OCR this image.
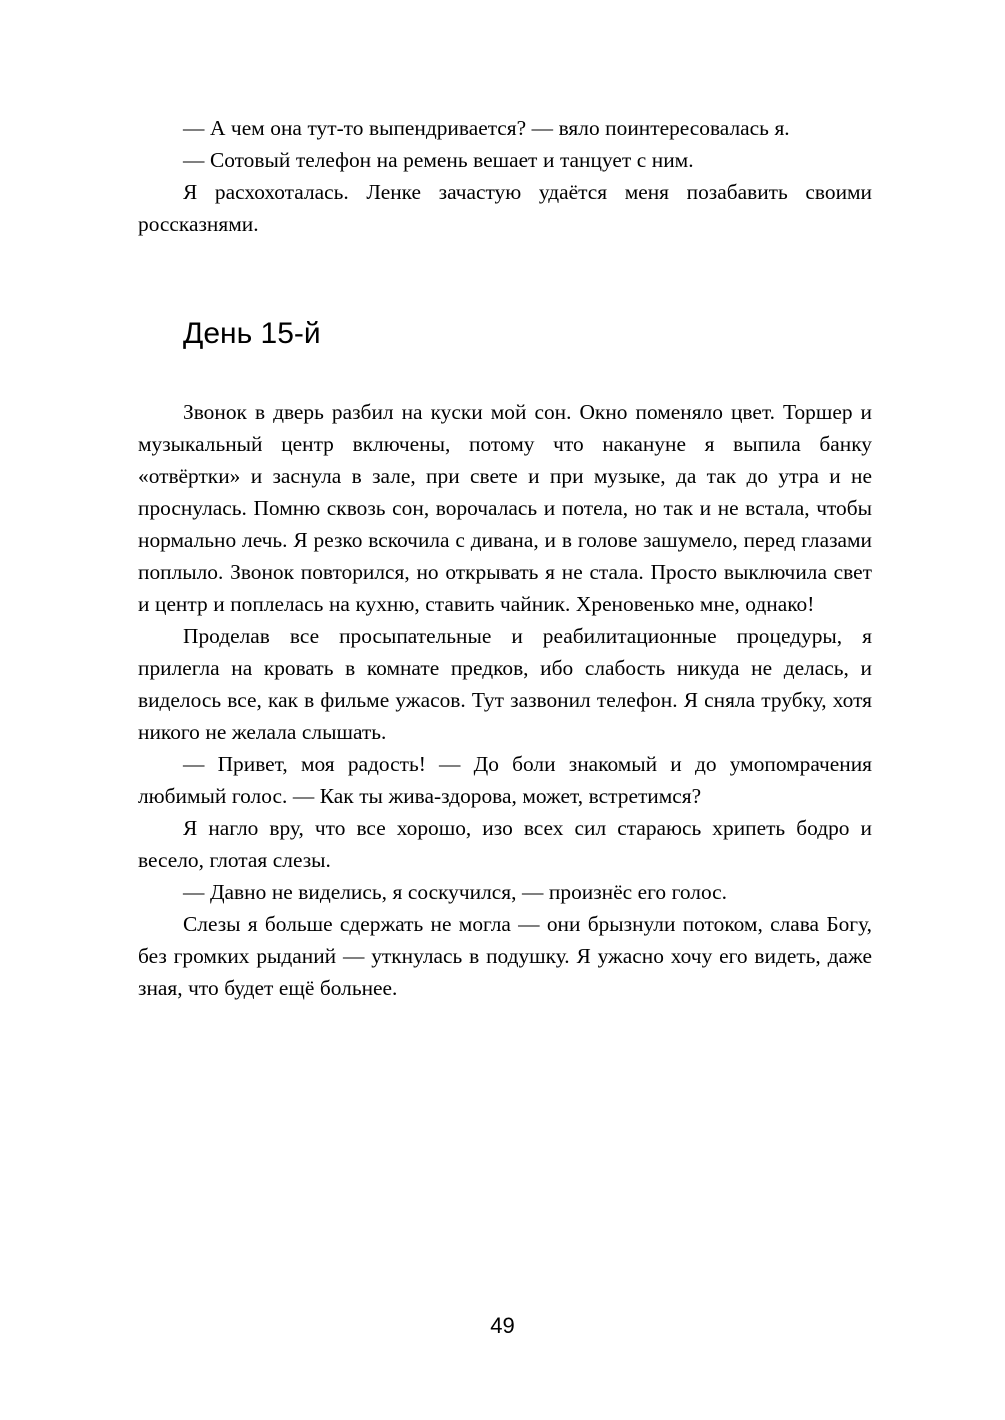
— А чем она тут-то выпендривается? — вяло поинтересовалась я.

— Сотовый телефон на ремень вешает и танцует с ним.

Я расхохоталась. Ленке зачастую удаётся меня позабавить своими россказнями.

День 15-й

Звонок в дверь разбил на куски мой сон. Окно поменяло цвет. Торшер и музыкальный центр включены, потому что накануне я выпила банку «отвёртки» и заснула в зале, при свете и при музыке, да так до утра и не проснулась. Помню сквозь сон, ворочалась и потела, но так и не встала, чтобы нормально лечь. Я резко вскочила с дивана, и в голове зашумело, перед глазами поплыло. Звонок повторился, но открывать я не стала. Просто выключила свет и центр и поплелась на кухню, ставить чайник. Хреновенько мне, однако!

Проделав все просыпательные и реабилитационные процедуры, я прилегла на кровать в комнате предков, ибо слабость никуда не делась, и виделось все, как в фильме ужасов. Тут зазвонил телефон. Я сняла трубку, хотя никого не желала слышать.

— Привет, моя радость! — До боли знакомый и до умопомрачения любимый голос. — Как ты жива-здорова, может, встретимся?

Я нагло вру, что все хорошо, изо всех сил стараюсь хрипеть бодро и весело, глотая слезы.

— Давно не виделись, я соскучился, — произнёс его голос.

Слезы я больше сдержать не могла — они брызнули потоком, слава Богу, без громких рыданий — уткнулась в подушку. Я ужасно хочу его видеть, даже зная, что будет ещё больнее.

49
